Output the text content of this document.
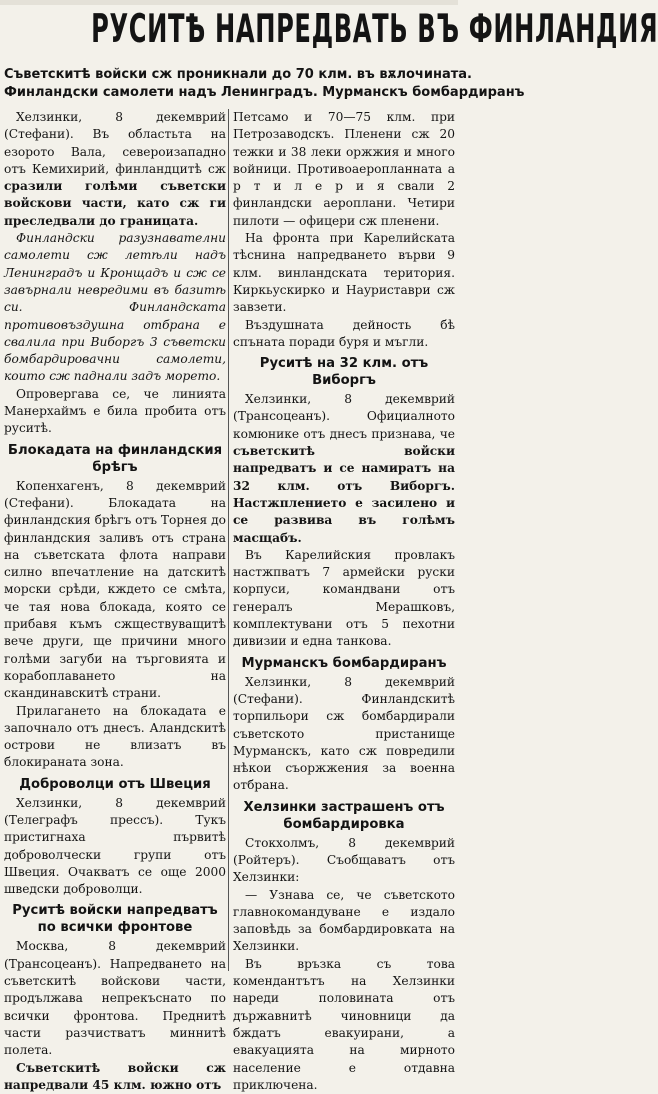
РУСИТѢ НАПРЕДВАТЬ ВЪ ФИНЛАНДИЯ
Съветскитѣ войски сж проникнали до 70 клм. въ вѫлочината.
Финландски самолети надъ Ленинградъ. Мурманскъ бомбардиранъ

Хелзинки, 8 декемврий (Стефани). Въ областьта на езорото Вала, североизападно отъ Кемихирий, финландцитѣ сж сразили голѣми съветски войскови части, като сж ги преследвали до границата.

Финландски разузнавателни самолети сж летѣли надъ Ленинградъ и Кронщадъ и сж се завърнали невредими въ базитѣ си. Финландската противовъздушна отбрана е свалила при Виборгъ 3 съветски бомбардировачни самолети, които сж паднали задъ морето.

Опровергава се, че линията Манерхаймъ е била пробита отъ руситѣ.

Блокадата на финландския брѣгъ

Копенхагенъ, 8 декемврий (Стефани). Блокадата на финландския брѣгъ отъ Торнея до финландския заливъ отъ страна на съветската флота направи силно впечатление на датскитѣ морски срѣди, кждето се смѣта, че тая нова блокада, която се прибавя къмъ сжществуващитѣ вече други, ще причини много голѣми загуби на търговията и корабоплаването на скандинавскитѣ страни.

Прилагането на блокадата е започнало отъ днесъ. Аландскитѣ острови не влизатъ въ блокираната зона.

Доброволци отъ Швеция

Хелзинки, 8 декемврий (Телеграфъ прессъ). Тукъ пристигнаха първитѣ доброволчески групи отъ Швеция. Очакватъ се още 2000 шведски доброволци.

Руситѣ войски напредватъ по всички фронтове

Москва, 8 декемврий (Трансоцеанъ). Напредването на съветскитѣ войскови части, продължава непрекъснато по всички фронтова. Преднитѣ части разчистватъ миннитѣ полета.

Съветскитѣ войски сж напредвали 45 клм. южно отъ

Петсамо и 70—75 клм. при Петрозаводскъ. Пленени сж 20 тежки и 38 леки оржжия и много войници. Противоаеропланната а р т и л е р и я свали 2 финландски аероплани. Четири пилоти — офицери сж пленени.

На фронта при Карелийската тѣснина напредването върви 9 клм. винландската територия. Киркьускирко и Науриставри сж завзети.

Въздушната дейность бѣ спъната поради буря и мъгли.

Руситѣ на 32 клм. отъ Виборгъ

Хелзинки, 8 декемврий (Трансоцеанъ). Официалното комюнике отъ днесъ признава, че съветскитѣ войски напредватъ и се намиратъ на 32 клм. отъ Виборгъ. Настжплението е засилено и се развива въ голѣмъ масщабъ.

Въ Карелийския провлакъ настжпватъ 7 армейски руски корпуси, командвани отъ генералъ Мерашковъ, комплектувани отъ 5 пехотни дивизии и една танкова.

Мурманскъ бомбардиранъ

Хелзинки, 8 декемврий (Стефани). Финландскитѣ торпильори сж бомбардирали съветското пристанище Мурманскъ, като сж повредили нѣкои съоржжения за военна отбрана.

Хелзинки застрашенъ отъ бомбардировка

Стокхолмъ, 8 декемврий (Ройтеръ). Съобщаватъ отъ Хелзинки:

— Узнава се, че съветското главнокомандуване е издало заповѣдь за бомбардировката на Хелзинки.

Въ връзка съ това комендантътъ на Хелзинки нареди половината отъ държавнитѣ чиновници да бждатъ евакуирани, а евакуацията на мирното население е отдавна приключена.
